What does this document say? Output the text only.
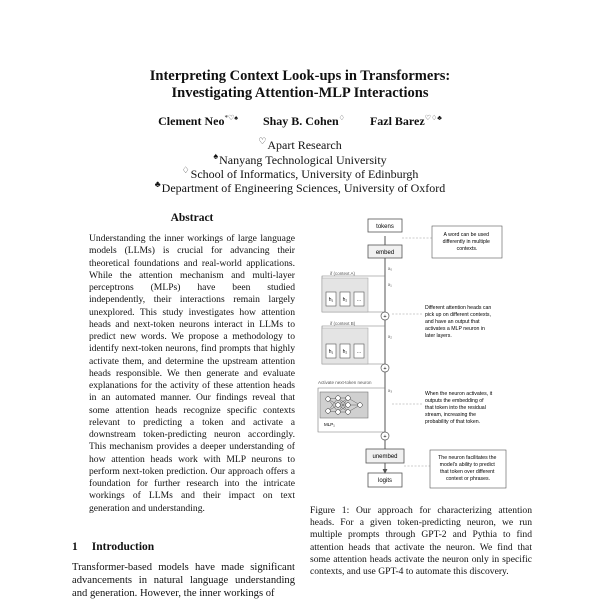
Interpreting Context Look-ups in Transformers:
Investigating Attention-MLP Interactions
Clement Neo*♡♠ Shay B. Cohen♢ Fazl Barez♡♢♣
♡Apart Research
♠Nanyang Technological University
♢School of Informatics, University of Edinburgh
♣Department of Engineering Sciences, University of Oxford
Abstract
Understanding the inner workings of large language models (LLMs) is crucial for advancing their theoretical foundations and real-world applications. While the attention mechanism and multi-layer perceptrons (MLPs) have been studied independently, their interactions remain largely unexplored. This study investigates how attention heads and next-token neurons interact in LLMs to predict new words. We propose a methodology to identify next-token neurons, find prompts that highly activate them, and determine the upstream attention heads responsible. We then generate and evaluate explanations for the activity of these attention heads in an automated manner. Our findings reveal that some attention heads recognize specific contexts relevant to predicting a token and activate a downstream token-predicting neuron accordingly. This mechanism provides a deeper understanding of how attention heads work with MLP neurons to perform next-token prediction. Our approach offers a foundation for further research into the intricate workings of LLMs and their impact on text generation and understanding.
1 Introduction
Transformer-based models have made significant advancements in natural language understanding and generation. However, the inner workings of
tokens
embed
x₀
if (context A)
h₁ h₂ …
x₁
+
if (context B)
h₁ h₂ …
x₂
+
Activate next-token neuron
MLP₁
x₃
+
unembed
logits
A word can be used differently in multiple contexts.
Different attention heads can pick up on different contexts, and have an output that activates a MLP neuron in later layers.
When the neuron activates, it outputs the embedding of that token into the residual stream, increasing the probability of that token.
The neuron facilitates the model's ability to predict that token over different context or phrases.
Figure 1: Our approach for characterizing attention heads. For a given token-predicting neuron, we run multiple prompts through GPT-2 and Pythia to find attention heads that activate the neuron. We find that some attention heads activate the neuron only in specific contexts, and use GPT-4 to automate this discovery.
